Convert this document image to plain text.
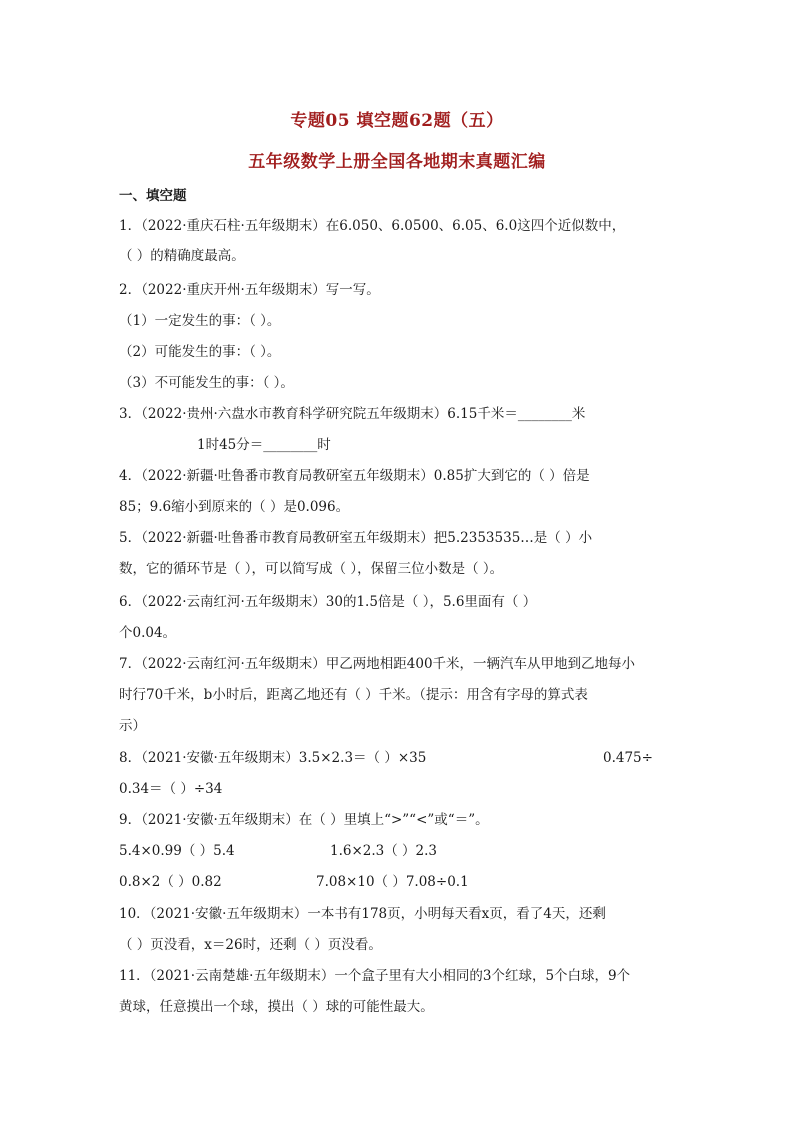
专题05 填空题62题（五）
五年级数学上册全国各地期末真题汇编
一、填空题
1．（2022·重庆石柱·五年级期末）在6.050、6.0500、6.05、6.0这四个近似数中，
（ ）的精确度最高。
2．（2022·重庆开州·五年级期末）写一写。
（1）一定发生的事：（ ）。
（2）可能发生的事：（ ）。
（3）不可能发生的事：（ ）。
3．（2022·贵州·六盘水市教育科学研究院五年级期末）6.15千米＝________米
1时45分＝________时
4．（2022·新疆·吐鲁番市教育局教研室五年级期末）0.85扩大到它的（ ）倍是
85；9.6缩小到原来的（ ）是0.096。
5．（2022·新疆·吐鲁番市教育局教研室五年级期末）把5.2353535…是（ ）小
数，它的循环节是（ ），可以简写成（ ），保留三位小数是（ ）。
6．（2022·云南红河·五年级期末）30的1.5倍是（ ），5.6里面有（ ）
个0.04。
7．（2022·云南红河·五年级期末）甲乙两地相距400千米，一辆汽车从甲地到乙地每小
时行70千米，b小时后，距离乙地还有（ ）千米。（提示：用含有字母的算式表
示）
8．（2021·安徽·五年级期末）3.5×2.3＝（ ）×35	0.475÷
0.34＝（ ）÷34
9．（2021·安徽·五年级期末）在（ ）里填上“>”“<”或“＝”。
5.4×0.99（ ）5.4	1.6×2.3（ ）2.3
0.8×2（ ）0.82	7.08×10（ ）7.08÷0.1
10．（2021·安徽·五年级期末）一本书有178页，小明每天看x页，看了4天，还剩
（ ）页没看，x＝26时，还剩（ ）页没看。
11．（2021·云南楚雄·五年级期末）一个盒子里有大小相同的3个红球，5个白球，9个
黄球，任意摸出一个球，摸出（ ）球的可能性最大。
